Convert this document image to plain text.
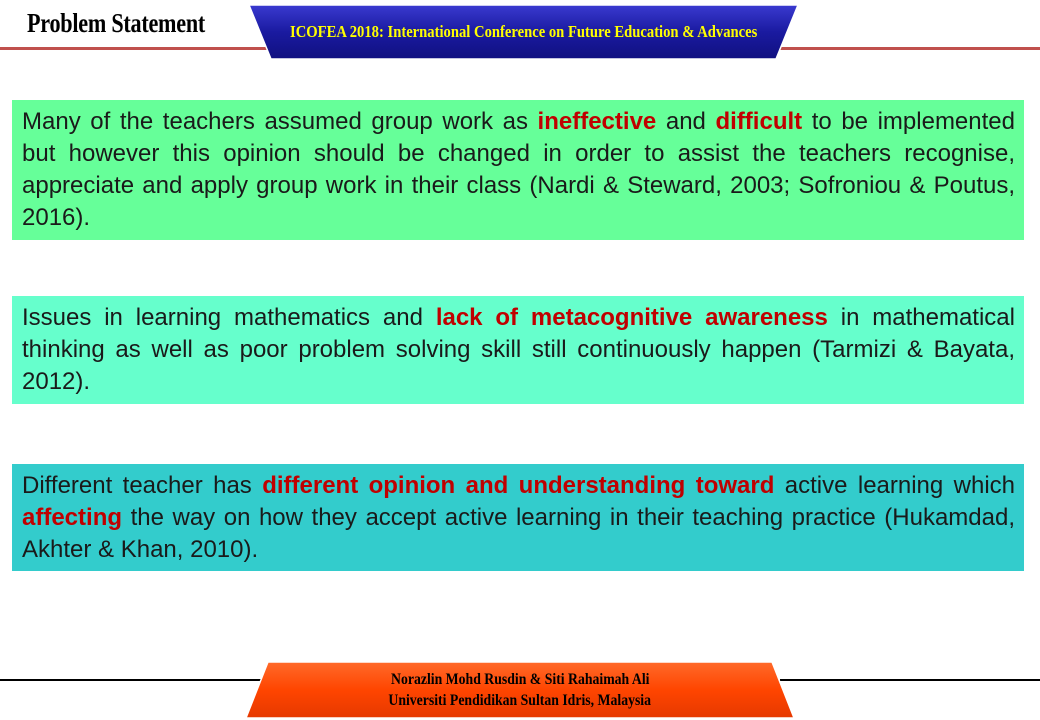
Problem Statement	ICOFEA 2018: International Conference on Future Education & Advances
Many of the teachers assumed group work as ineffective and difficult to be implemented but however this opinion should be changed in order to assist the teachers recognise, appreciate and apply group work in their class (Nardi & Steward, 2003; Sofroniou & Poutus, 2016).
Issues in learning mathematics and lack of metacognitive awareness in mathematical thinking as well as poor problem solving skill still continuously happen (Tarmizi & Bayata, 2012).
Different teacher has different opinion and understanding toward active learning which affecting the way on how they accept active learning in their teaching practice (Hukamdad, Akhter & Khan, 2010).
Norazlin Mohd Rusdin & Siti Rahaimah Ali
Universiti Pendidikan Sultan Idris, Malaysia
